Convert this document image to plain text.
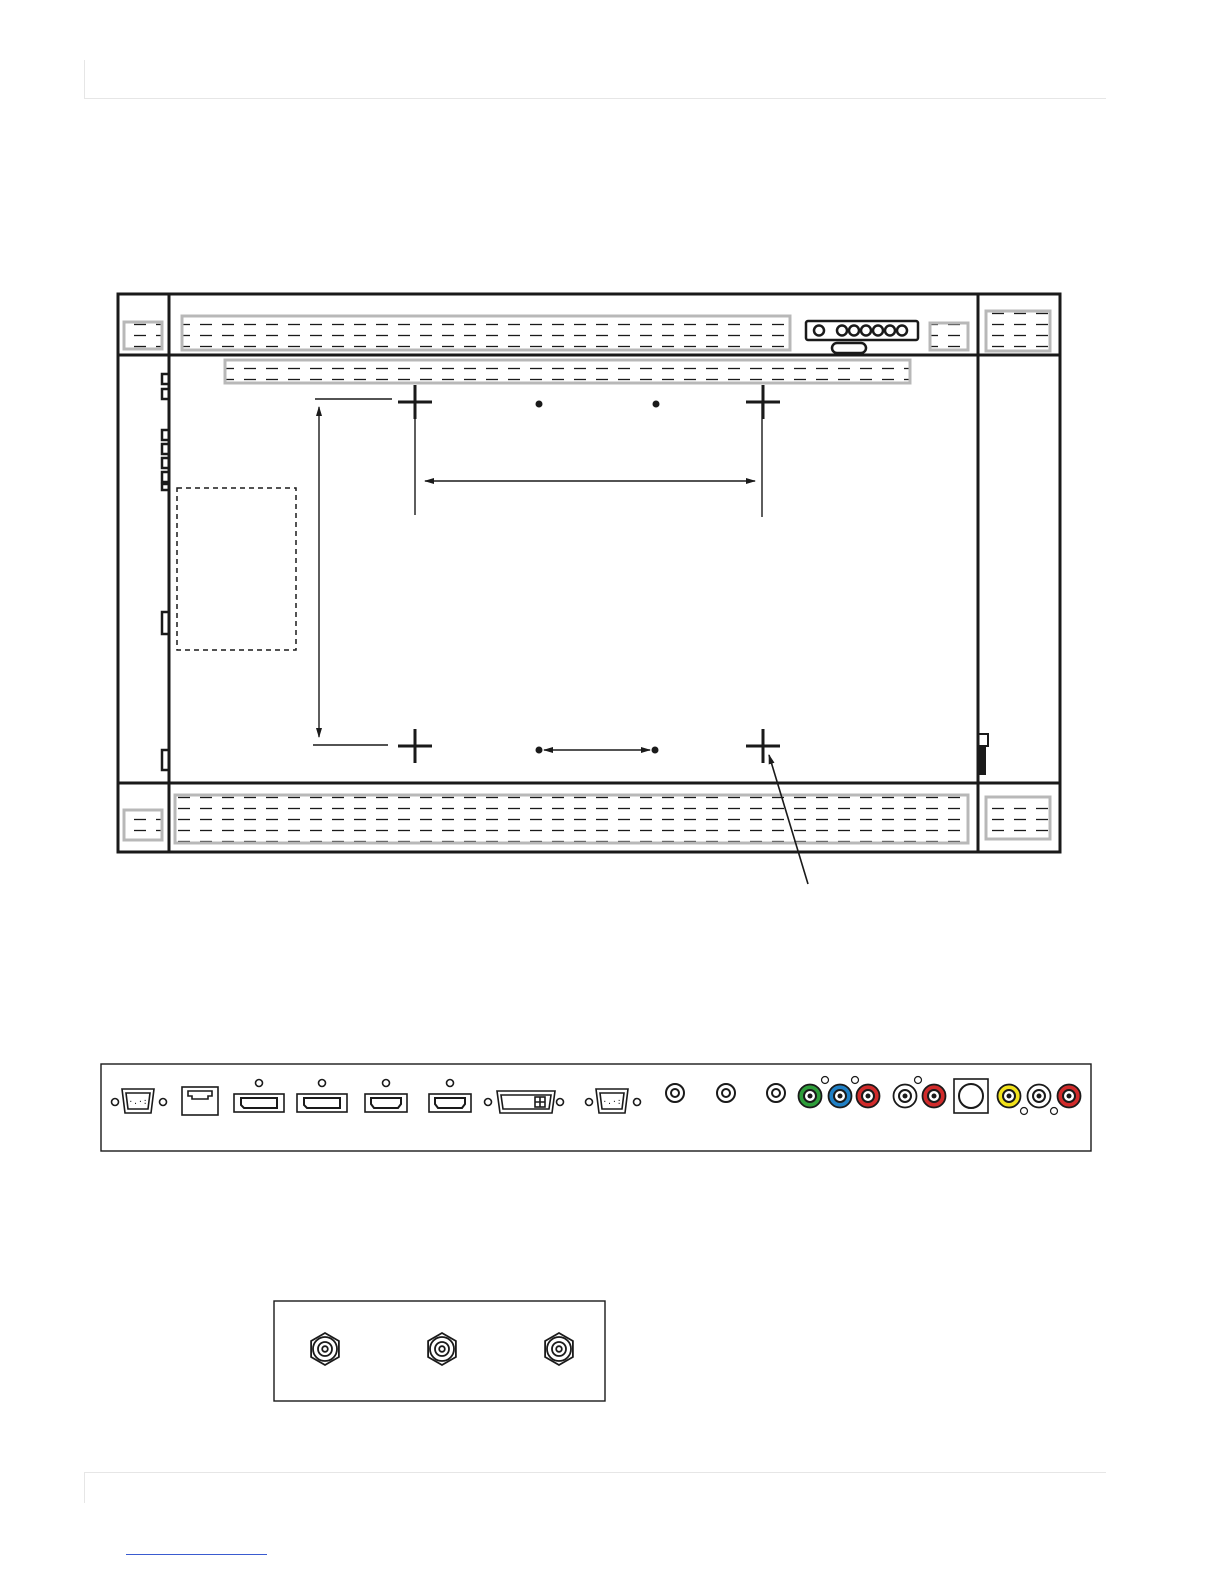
·.·:	·.·:
